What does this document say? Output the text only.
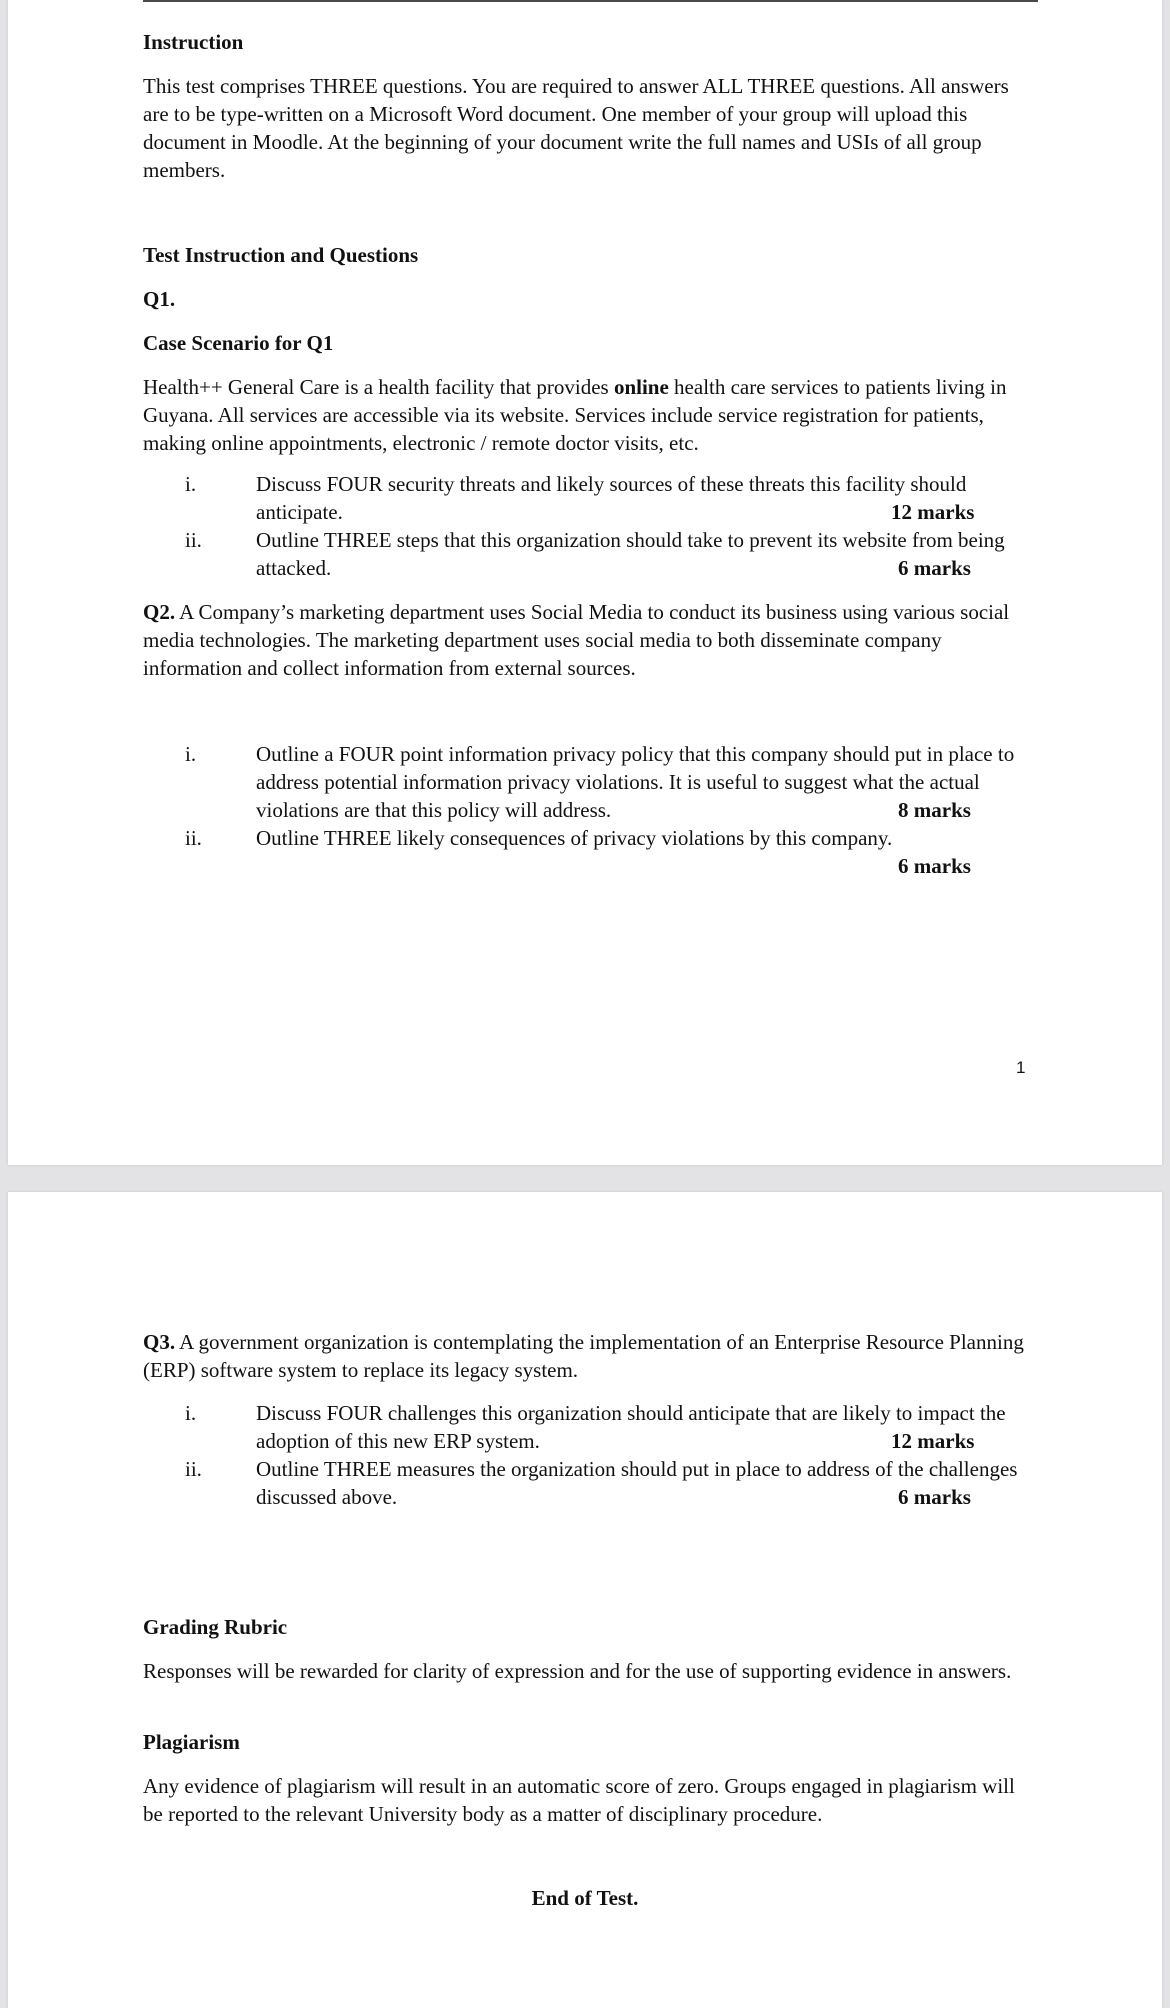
Instruction
This test comprises THREE questions. You are required to answer ALL THREE questions. All answers are to be type-written on a Microsoft Word document. One member of your group will upload this document in Moodle. At the beginning of your document write the full names and USIs of all group members.
Test Instruction and Questions
Q1.
Case Scenario for Q1
Health++ General Care is a health facility that provides online health care services to patients living in Guyana. All services are accessible via its website. Services include service registration for patients, making online appointments, electronic / remote doctor visits, etc.
i.	Discuss FOUR security threats and likely sources of these threats this facility should anticipate.	12 marks
ii.	Outline THREE steps that this organization should take to prevent its website from being attacked.	6 marks
Q2. A Company’s marketing department uses Social Media to conduct its business using various social media technologies. The marketing department uses social media to both disseminate company information and collect information from external sources.
i.	Outline a FOUR point information privacy policy that this company should put in place to address potential information privacy violations. It is useful to suggest what the actual violations are that this policy will address.	8 marks
ii.	Outline THREE likely consequences of privacy violations by this company.
6 marks
1
Q3. A government organization is contemplating the implementation of an Enterprise Resource Planning (ERP) software system to replace its legacy system.
i.	Discuss FOUR challenges this organization should anticipate that are likely to impact the adoption of this new ERP system.	12 marks
ii.	Outline THREE measures the organization should put in place to address of the challenges discussed above.	6 marks
Grading Rubric
Responses will be rewarded for clarity of expression and for the use of supporting evidence in answers.
Plagiarism
Any evidence of plagiarism will result in an automatic score of zero. Groups engaged in plagiarism will be reported to the relevant University body as a matter of disciplinary procedure.
End of Test.
